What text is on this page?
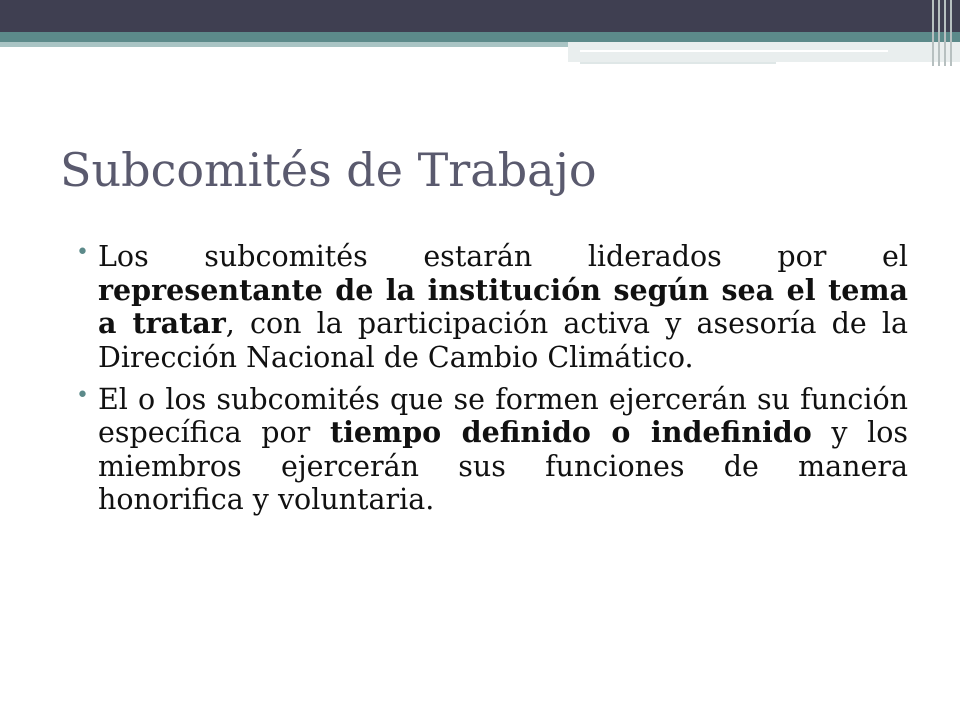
Subcomités de Trabajo
• Los subcomités estarán liderados por el representante de la institución según sea el tema a tratar, con la participación activa y asesoría de la Dirección Nacional de Cambio Climático.
• El o los subcomités que se formen ejercerán su función específica por tiempo definido o indefinido y los miembros ejercerán sus funciones de manera honorifica y voluntaria.
